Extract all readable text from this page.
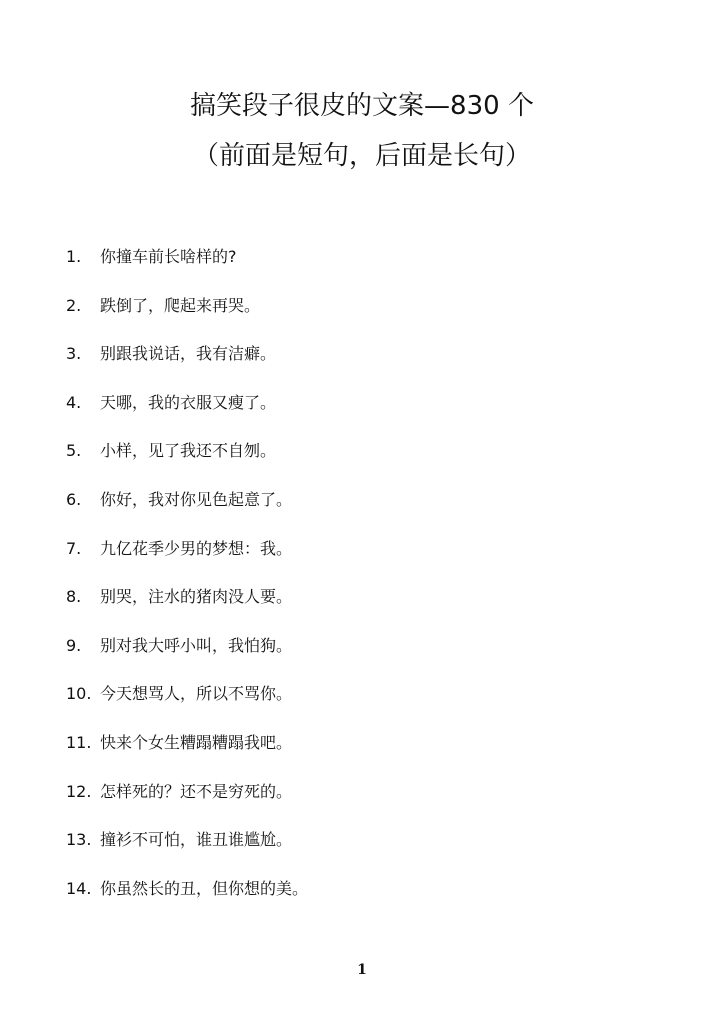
搞笑段子很皮的文案—830 个
（前面是短句，后面是长句）
1. 你撞车前长啥样的?
2. 跌倒了，爬起来再哭。
3. 别跟我说话，我有洁癖。
4. 天哪，我的衣服又瘦了。
5. 小样，见了我还不自刎。
6. 你好，我对你见色起意了。
7. 九亿花季少男的梦想：我。
8. 别哭，注水的猪肉没人要。
9. 别对我大呼小叫，我怕狗。
10. 今天想骂人，所以不骂你。
11. 快来个女生糟蹋糟蹋我吧。
12. 怎样死的？还不是穷死的。
13. 撞衫不可怕，谁丑谁尴尬。
14. 你虽然长的丑，但你想的美。
1
